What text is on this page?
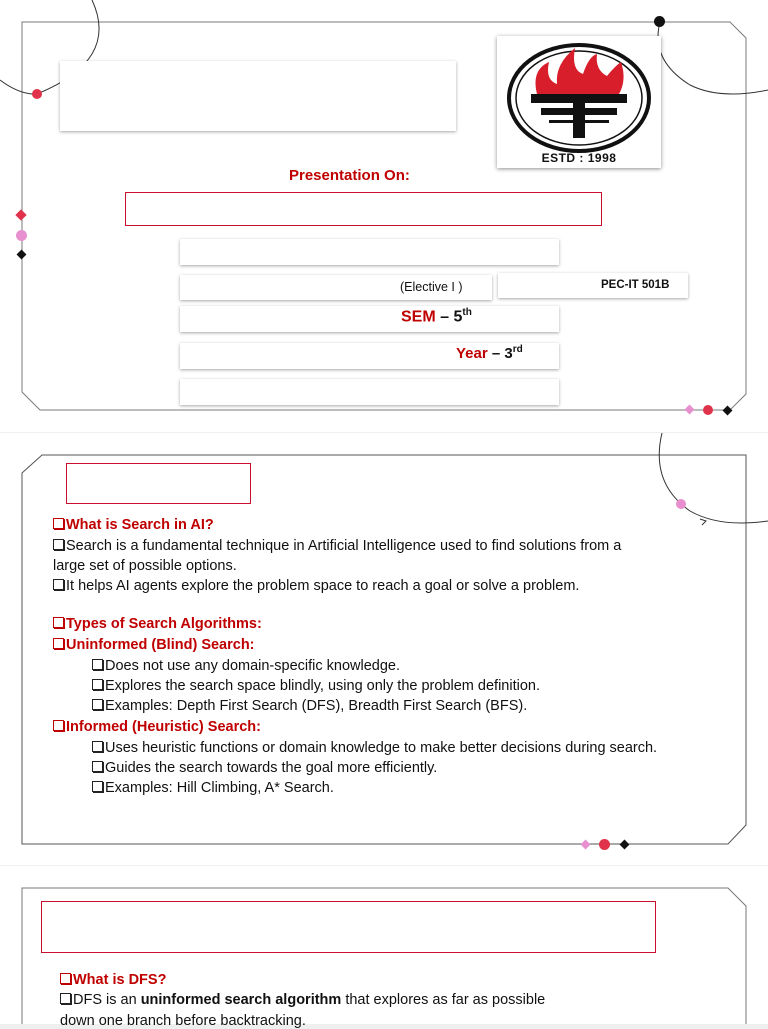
ESTD : 1998
Presentation On:
(Elective I )	PEC-IT 501B
SEM – 5th
Year – 3rd
What is Search in AI?
Search is a fundamental technique in Artificial Intelligence used to find solutions from a
large set of possible options.
It helps AI agents explore the problem space to reach a goal or solve a problem.
Types of Search Algorithms:
Uninformed (Blind) Search:
Does not use any domain-specific knowledge.
Explores the search space blindly, using only the problem definition.
Examples: Depth First Search (DFS), Breadth First Search (BFS).
Informed (Heuristic) Search:
Uses heuristic functions or domain knowledge to make better decisions during search.
Guides the search towards the goal more efficiently.
Examples: Hill Climbing, A* Search.
What is DFS?
DFS is an uninformed search algorithm that explores as far as possible
down one branch before backtracking.
